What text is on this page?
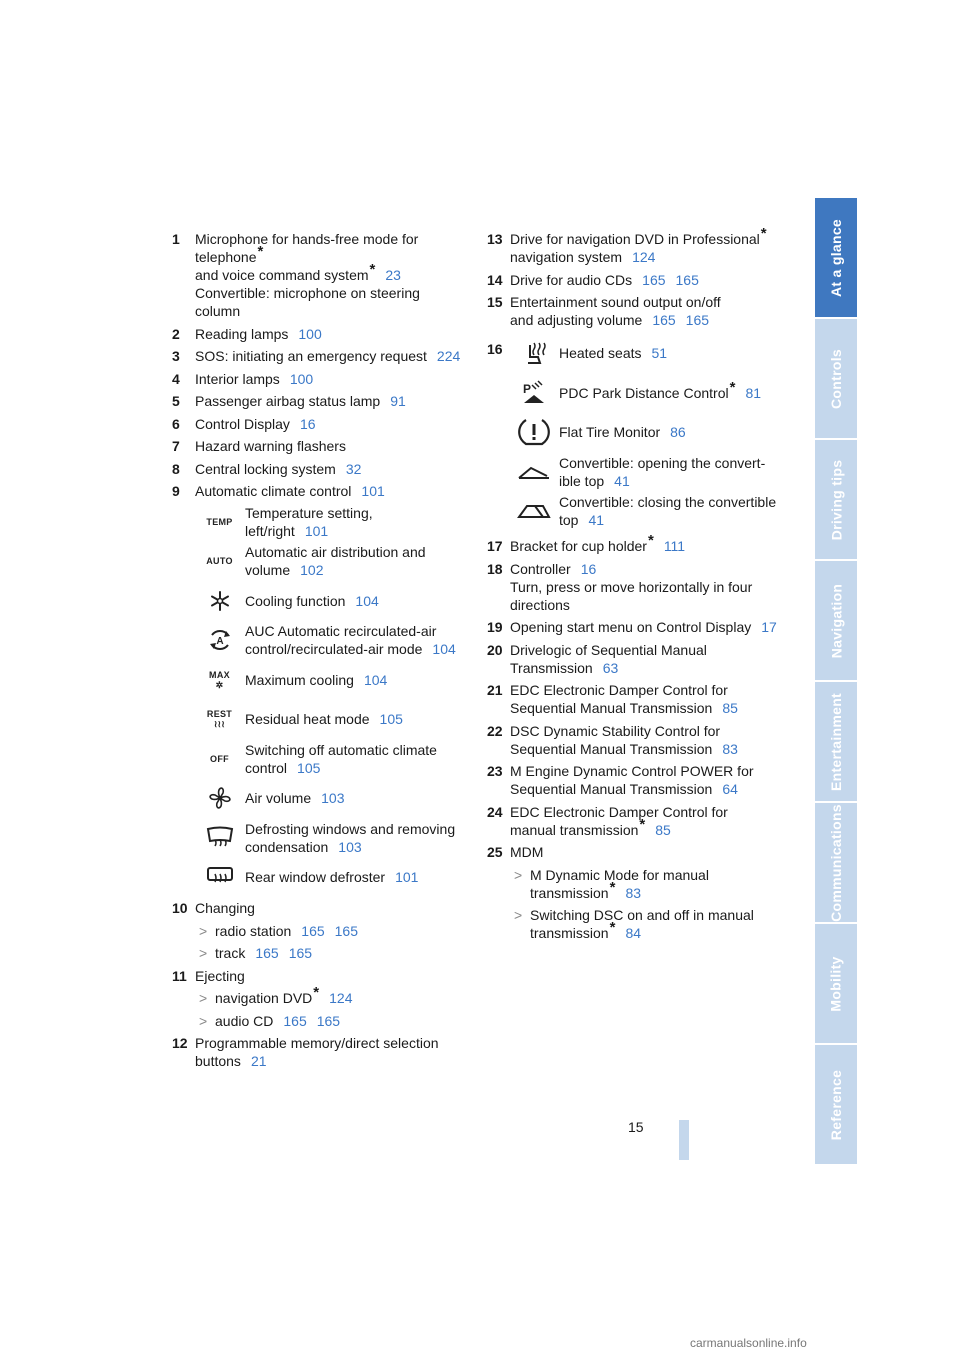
1 Microphone for hands-free mode for
telephone*
and voice command system* 23
Convertible: microphone on steering
column
2 Reading lamps 100
3 SOS: initiating an emergency request 224
4 Interior lamps 100
5 Passenger airbag status lamp 91
6 Control Display 16
7 Hazard warning flashers
8 Central locking system 32
9 Automatic climate control 101
TEMP
Temperature setting,
left/right 101
AUTO
Automatic air distribution and
volume 102
Cooling function 104
A
AUC Automatic recirculated-air
control/recirculated-air mode 104
MAX
✲	Maximum cooling 104
REST
≀≀≀	Residual heat mode 105
OFF
Switching off automatic climate
control 105
Air volume 103
Defrosting windows and removing
condensation 103
Rear window defroster 101
10 Changing
> radio station 165 165
> track 165 165
11 Ejecting
> navigation DVD* 124
> audio CD 165 165
12 Programmable memory/direct selection
buttons 21
13 Drive for navigation DVD in Professional*
navigation system 124
14 Drive for audio CDs 165 165
15 Entertainment sound output on/off
and adjusting volume 165 165
16	Heated seats 51
P PDC Park Distance Control* 81
Flat Tire Monitor 86
Convertible: opening the convert-
ible top 41
Convertible: closing the convertible
top 41
17 Bracket for cup holder* 111
18 Controller 16
Turn, press or move horizontally in four
directions
19 Opening start menu on Control Display 17
20 Drivelogic of Sequential Manual
Transmission 63
21 EDC Electronic Damper Control for
Sequential Manual Transmission 85
22 DSC Dynamic Stability Control for
Sequential Manual Transmission 83
23 M Engine Dynamic Control POWER for
Sequential Manual Transmission 64
24 EDC Electronic Damper Control for
manual transmission* 85
25 MDM
> M Dynamic Mode for manual
transmission* 83
> Switching DSC on and off in manual
transmission* 84
At a glance
Controls
Driving tips
Navigation
Entertainment
Communications
Mobility
Reference
15
carmanualsonline.info
